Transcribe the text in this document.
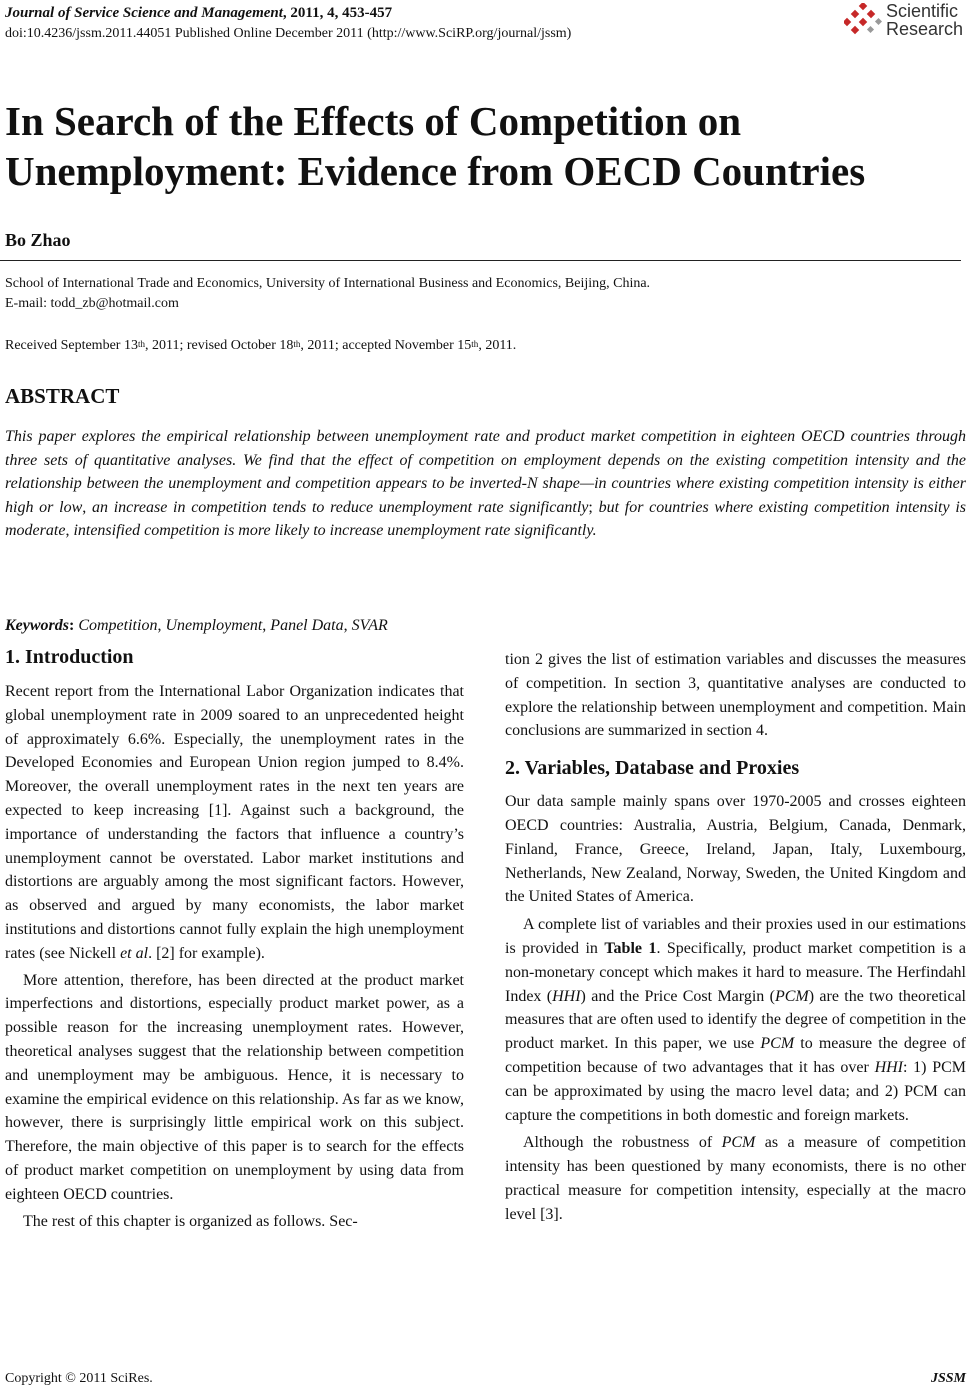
Journal of Service Science and Management, 2011, 4, 453-457
doi:10.4236/jssm.2011.44051 Published Online December 2011 (http://www.SciRP.org/journal/jssm)
Scientific
Research
In Search of the Effects of Competition on
Unemployment: Evidence from OECD Countries
Bo Zhao
School of International Trade and Economics, University of International Business and Economics, Beijing, China.
E-mail: todd_zb@hotmail.com
Received September 13th, 2011; revised October 18th, 2011; accepted November 15th, 2011.
ABSTRACT

This paper explores the empirical relationship between unemployment rate and product market competition in eighteen OECD countries through three sets of quantitative analyses. We find that the effect of competition on employment depends on the existing competition intensity and the relationship between the unemployment and competition appears to be inverted-N shape—in countries where existing competition intensity is either high or low, an increase in competition tends to reduce unemployment rate significantly; but for countries where existing competition intensity is moderate, intensified competition is more likely to increase unemployment rate significantly.

Keywords: Competition, Unemployment, Panel Data, SVAR
1. Introduction

Recent report from the International Labor Organization indicates that global unemployment rate in 2009 soared to an unprecedented height of approximately 6.6%. Especially, the unemployment rates in the Developed Economies and European Union region jumped to 8.4%. Moreover, the overall unemployment rates in the next ten years are expected to keep increasing [1]. Against such a background, the importance of understanding the factors that influence a country’s unemployment cannot be overstated. Labor market institutions and distortions are arguably among the most significant factors. However, as observed and argued by many economists, the labor market institutions and distortions cannot fully explain the high unemployment rates (see Nickell et al. [2] for example).

More attention, therefore, has been directed at the product market imperfections and distortions, especially product market power, as a possible reason for the increasing unemployment rates. However, theoretical analyses suggest that the relationship between competition and unemployment may be ambiguous. Hence, it is necessary to examine the empirical evidence on this relationship. As far as we know, however, there is surprisingly little empirical work on this subject. Therefore, the main objective of this paper is to search for the effects of product market competition on unemployment by using data from eighteen OECD countries.

The rest of this chapter is organized as follows. Sec-

tion 2 gives the list of estimation variables and discusses the measures of competition. In section 3, quantitative analyses are conducted to explore the relationship between unemployment and competition. Main conclusions are summarized in section 4.

2. Variables, Database and Proxies

Our data sample mainly spans over 1970-2005 and crosses eighteen OECD countries: Australia, Austria, Belgium, Canada, Denmark, Finland, France, Greece, Ireland, Japan, Italy, Luxembourg, Netherlands, New Zealand, Norway, Sweden, the United Kingdom and the United States of America.

A complete list of variables and their proxies used in our estimations is provided in Table 1. Specifically, product market competition is a non-monetary concept which makes it hard to measure. The Herfindahl Index (HHI) and the Price Cost Margin (PCM) are the two theoretical measures that are often used to identify the degree of competition in the product market. In this paper, we use PCM to measure the degree of competition because of two advantages that it has over HHI: 1) PCM can be approximated by using the macro level data; and 2) PCM can capture the competitions in both domestic and foreign markets.

Although the robustness of PCM as a measure of competition intensity has been questioned by many economists, there is no other practical measure for competition intensity, especially at the macro level [3].

Copyright © 2011 SciRes.	JSSM
